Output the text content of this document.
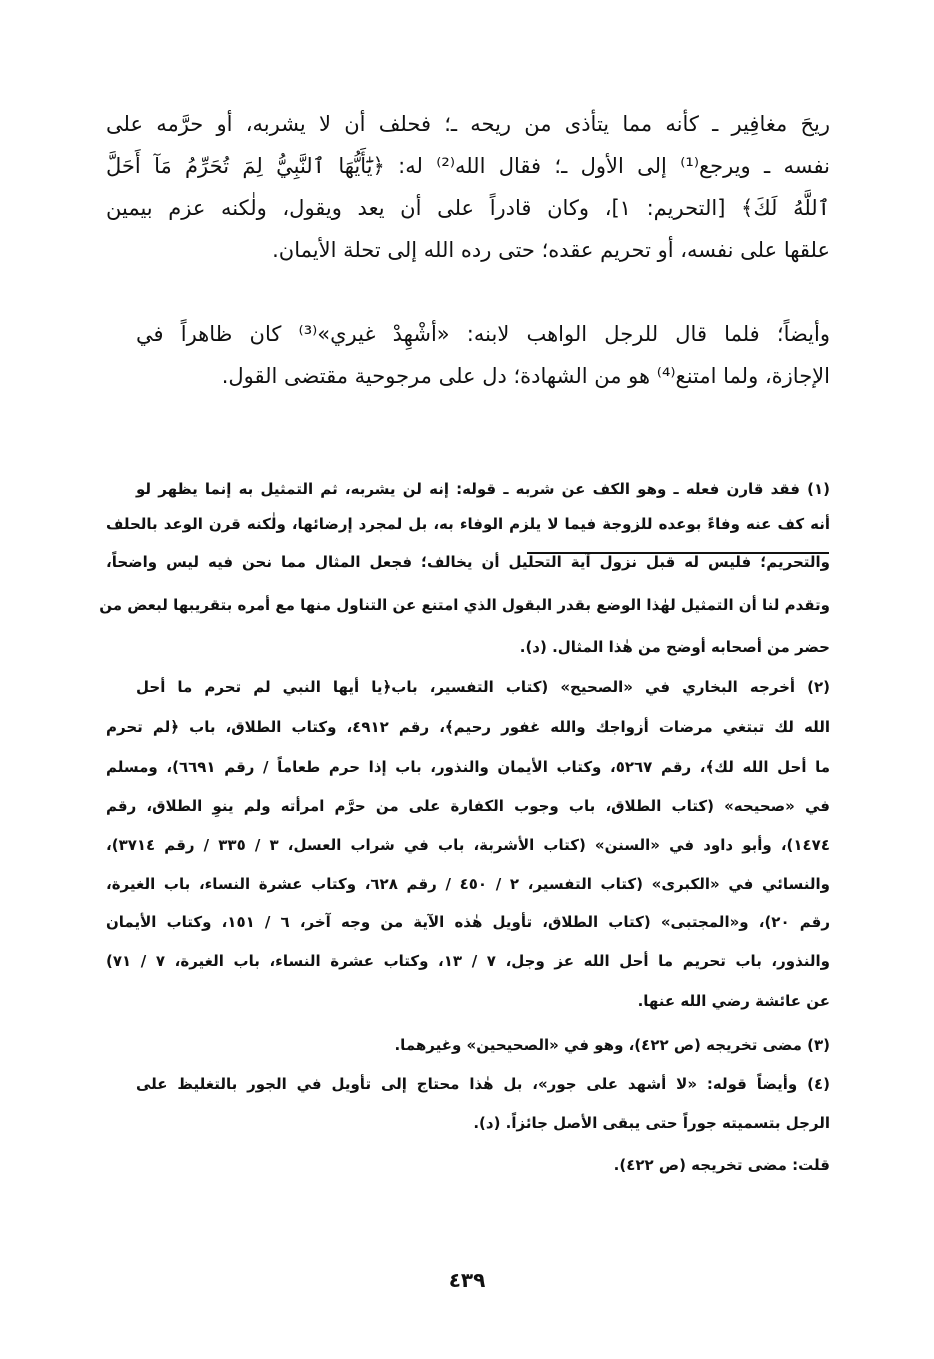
ريحَ مغافِير ـ كأنه مما يتأذى من ريحه ـ؛ فحلف أن لا يشربه، أو حرَّمه على
نفسه ـ ويرجع⁽¹⁾ إلى الأول ـ؛ فقال الله⁽²⁾ له: ﴿يَٰٓأَيُّهَا ٱلنَّبِيُّ لِمَ تُحَرِّمُ مَآ أَحَلَّ
ٱللَّهُ لَكَ﴾ [التحريم: ١]، وكان قادراً على أن يعد ويقول، ولٰكنه عزم بيمين
علقها على نفسه، أو تحريم عقده؛ حتى رده الله إلى تحلة الأيمان.
وأيضاً؛ فلما قال للرجل الواهب لابنه: «أشْهِدْ غيري»⁽³⁾ كان ظاهراً في
الإجازة، ولما امتنع⁽⁴⁾ هو من الشهادة؛ دل على مرجوحية مقتضى القول.
(١) فقد قارن فعله ـ وهو الكف عن شربه ـ قوله: إنه لن يشربه، ثم التمثيل به إنما يظهر لو
أنه كف عنه وفاءً بوعده للزوجة فيما لا يلزم الوفاء به، بل لمجرد إرضائها، ولٰكنه قرن الوعد بالحلف
والتحريم؛ فليس له قبل نزول آية التحليل أن يخالف؛ فجعل المثال مما نحن فيه ليس واضحاً،
وتقدم لنا أن التمثيل لهٰذا الوضع بقدر البقول الذي امتنع عن التناول منها مع أمره بتقريبها لبعض من
حضر من أصحابه أوضح من هٰذا المثال. (د).
(٢) أخرجه البخاري في «الصحيح» (كتاب التفسير، باب﴿يا أيها النبي لم تحرم ما أحل
الله لك تبتغي مرضات أزواجك والله غفور رحيم﴾، رقم ٤٩١٢، وكتاب الطلاق، باب ﴿لم تحرم
ما أحل الله لك﴾، رقم ٥٢٦٧، وكتاب الأيمان والنذور، باب إذا حرم طعاماً / رقم ٦٦٩١)، ومسلم
في «صحيحه» (كتاب الطلاق، باب وجوب الكفارة على من حرَّم امرأته ولم ينوِ الطلاق، رقم
١٤٧٤)، وأبو داود في «السنن» (كتاب الأشربة، باب في شراب العسل، ٣ / ٣٣٥ / رقم ٣٧١٤)،
والنسائي في «الكبرى» (كتاب التفسير، ٢ / ٤٥٠ / رقم ٦٢٨، وكتاب عشرة النساء، باب الغيرة،
رقم ٢٠)، و«المجتبى» (كتاب الطلاق، تأويل هٰذه الآية من وجه آخر، ٦ / ١٥١، وكتاب الأيمان
والنذور، باب تحريم ما أحل الله عز وجل، ٧ / ١٣، وكتاب عشرة النساء، باب الغيرة، ٧ / ٧١)
عن عائشة رضي الله عنها.
(٣) مضى تخريجه (ص ٤٢٢)، وهو في «الصحيحين» وغيرهما.
(٤) وأيضاً قوله: «لا أشهد على جور»، بل هٰذا محتاج إلى تأويل في الجور بالتغليظ على
الرجل بتسميته جوراً حتى يبقى الأصل جائزاً. (د).
قلت: مضى تخريجه (ص ٤٢٢).
٤٣٩
